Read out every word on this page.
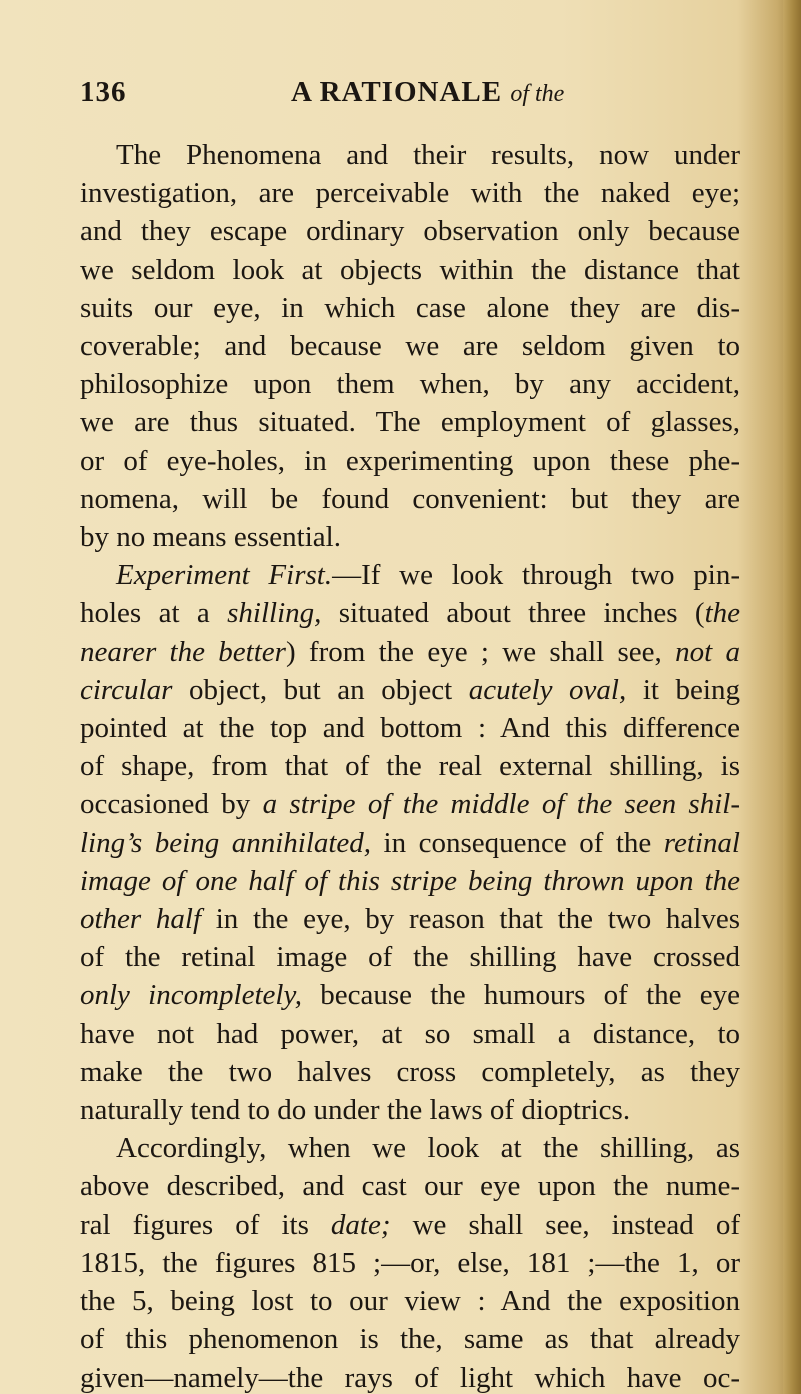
136	A RATIONALE of the
The Phenomena and their results, now under
investigation, are perceivable with the naked eye;
and they escape ordinary observation only because
we seldom look at objects within the distance that
suits our eye, in which case alone they are dis-
coverable; and because we are seldom given to
philosophize upon them when, by any accident,
we are thus situated. The employment of glasses,
or of eye-holes, in experimenting upon these phe-
nomena, will be found convenient: but they are
by no means essential.
Experiment First.—If we look through two pin-
holes at a shilling, situated about three inches (the
nearer the better) from the eye ; we shall see, not a
circular object, but an object acutely oval, it being
pointed at the top and bottom : And this difference
of shape, from that of the real external shilling, is
occasioned by a stripe of the middle of the seen shil-
ling’s being annihilated, in consequence of the retinal
image of one half of this stripe being thrown upon the
other half in the eye, by reason that the two halves
of the retinal image of the shilling have crossed
only incompletely, because the humours of the eye
have not had power, at so small a distance, to
make the two halves cross completely, as they
naturally tend to do under the laws of dioptrics.
Accordingly, when we look at the shilling, as
above described, and cast our eye upon the nume-
ral figures of its date; we shall see, instead of
1815, the figures 815 ;—or, else, 181 ;—the 1, or
the 5, being lost to our view : And the exposition
of this phenomenon is the, same as that already
given—namely—the rays of light which have oc-
